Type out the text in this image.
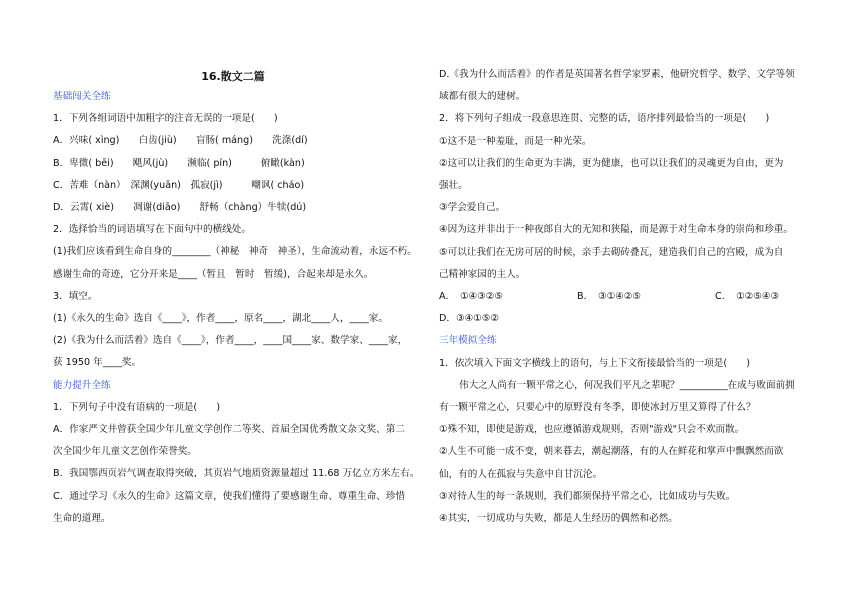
16.散文二篇
基础闯关全练
1．下列各组词语中加粗字的注音无误的一项是(　　)
A．兴味( xìng)　　白齿(jiù)　　盲肠( máng)　　洗涤(dí)
B．卑微( bēi)　　飓风(jù)　　濒临( pín)　　　俯瞰(kàn)
C．苦难（nàn）　深渊(yuān)　孤寂(jì)　　　嘲讽( cháo)
D．云霄( xiè)　　凋谢(diāo)　　舒畅（chàng）牛犊(dú)
2．选择恰当的词语填写在下面句中的横线处。
(1)我们应该看到生命自身的________（神秘　神奇　神圣），生命流动着，永远不朽。
感谢生命的奇迹，它分开来是____（暂且　暂时　暂缓)，合起来却是永久。
3．填空。
(1)《永久的生命》选自《____》，作者____，原名____，湖北____人，____家。
(2)《我为什么而活着》选自《____》，作者____，____国____家、数学家、____家，
获 1950 年____奖。
能力提升全练
1．下列句子中没有语病的一项是(　　)
A．作家严文井曾获全国少年儿童文学创作二等奖、首届全国优秀散文杂文奖、第二
次全国少年儿童文艺创作荣誉奖。
B．我国鄂西页岩气调查取得突破，其页岩气地质资源量超过 11.68 万亿立方米左右。
C．通过学习《永久的生命》这篇文章，使我们懂得了要感谢生命、尊重生命、珍惜
生命的道理。
D.《我为什么而活着》的作者是英国著名哲学家罗素，他研究哲学、数学、文学等领
域都有很大的建树。
2．将下列句子组成一段意思连贯、完整的话，语序排列最恰当的一项是(　　)
①这不是一种羞耻，而是一种光荣。
②这可以让我们的生命更为丰满，更为健康，也可以让我们的灵魂更为自由，更为
强壮。
③学会爱自己。
④因为这并非出于一种夜郎自大的无知和狭隘，而是源于对生命本身的崇尚和珍重。
⑤可以让我们在无房可居的时候，亲手去砌砖叠瓦，建造我们自己的宫殿，成为自
己精神家园的主人。
A．　①④③②⑤	B．　③①④②⑤	C．　①②⑤④③
D．③④①⑤②
三年模拟全练
1．依次填入下面文字横线上的语句，与上下文衔接最恰当的一项是(　　)
伟大之人尚有一颗平常之心，何况我们平凡之辈呢？__________在成与败面前拥
有一颗平常之心，只要心中的原野没有冬季，即使冰封万里又算得了什么？
①殊不知，即使是游戏，也应遵循游戏规则，否则"游戏"只会不欢而散。
②人生不可能一成不变，朝来暮去，潮起潮落，有的人在鲜花和掌声中飘飘然而欲
仙，有的人在孤寂与失意中自甘沉沦。
③对待人生的每一条规则，我们都须保持平常之心，比如成功与失败。
④其实，一切成功与失败，都是人生经历的偶然和必然。
